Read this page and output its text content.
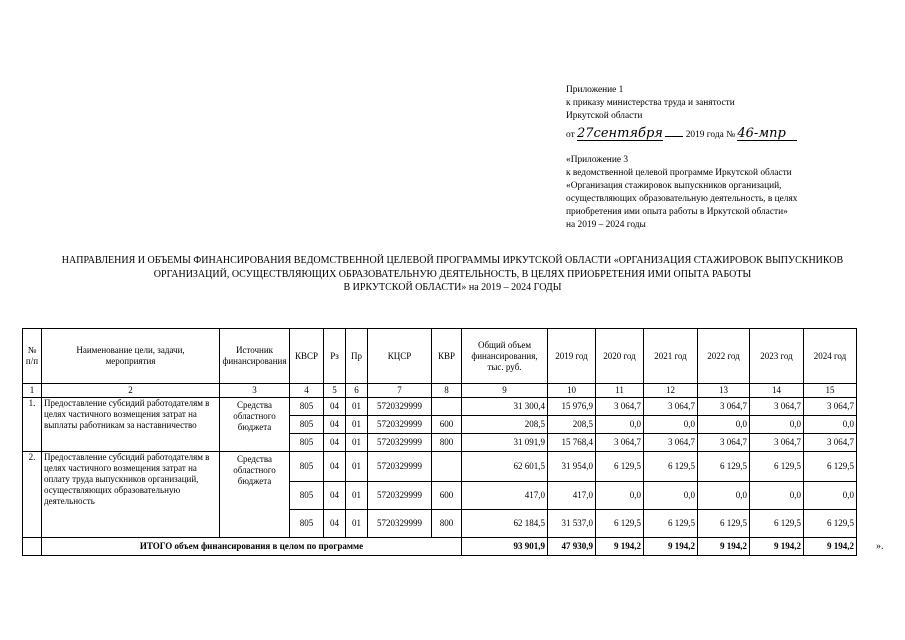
Приложение 1
к приказу министерства труда и занятости
Иркутской области
от 27сентября 2019 года № 46-мпр
«Приложение 3
к ведомственной целевой программе Иркутской области
«Организация стажировок выпускников организаций,
осуществляющих образовательную деятельность, в целях
приобретения ими опыта работы в Иркутской области»
на 2019 – 2024 годы
НАПРАВЛЕНИЯ И ОБЪЕМЫ ФИНАНСИРОВАНИЯ ВЕДОМСТВЕННОЙ ЦЕЛЕВОЙ ПРОГРАММЫ ИРКУТСКОЙ ОБЛАСТИ «ОРГАНИЗАЦИЯ СТАЖИРОВОК ВЫПУСКНИКОВ
ОРГАНИЗАЦИЙ, ОСУЩЕСТВЛЯЮЩИХ ОБРАЗОВАТЕЛЬНУЮ ДЕЯТЕЛЬНОСТЬ, В ЦЕЛЯХ ПРИОБРЕТЕНИЯ ИМИ ОПЫТА РАБОТЫ
В ИРКУТСКОЙ ОБЛАСТИ» на 2019 – 2024 ГОДЫ
№ п/п	Наименование цели, задачи, мероприятия	Источник финансирования	КВСР	Рз	Пр	КЦСР	КВР	Общий объем финансирования, тыс. руб.	2019 год	2020 год	2021 год	2022 год	2023 год	2024 год
1	2	3	4	5	6	7	8	9	10	11	12	13	14	15
1.	Предоставление субсидий работодателям в целях частичного возмещения затрат на выплаты работникам за наставничество	Средства областного бюджета	805	04	01	5720329999		31 300,4	15 976,9	3 064,7	3 064,7	3 064,7	3 064,7	3 064,7
			805	04	01	5720329999	600	208,5	208,5	0,0	0,0	0,0	0,0	0,0
			805	04	01	5720329999	800	31 091,9	15 768,4	3 064,7	3 064,7	3 064,7	3 064,7	3 064,7
2.	Предоставление субсидий работодателям в целях частичного возмещения затрат на оплату труда выпускников организаций, осуществляющих образовательную деятельность	Средства областного бюджета	805	04	01	5720329999		62 601,5	31 954,0	6 129,5	6 129,5	6 129,5	6 129,5	6 129,5
			805	04	01	5720329999	600	417,0	417,0	0,0	0,0	0,0	0,0	0,0
			805	04	01	5720329999	800	62 184,5	31 537,0	6 129,5	6 129,5	6 129,5	6 129,5	6 129,5
	ИТОГО объем финансирования в целом по программе							93 901,9	47 930,9	9 194,2	9 194,2	9 194,2	9 194,2	9 194,2 ».
